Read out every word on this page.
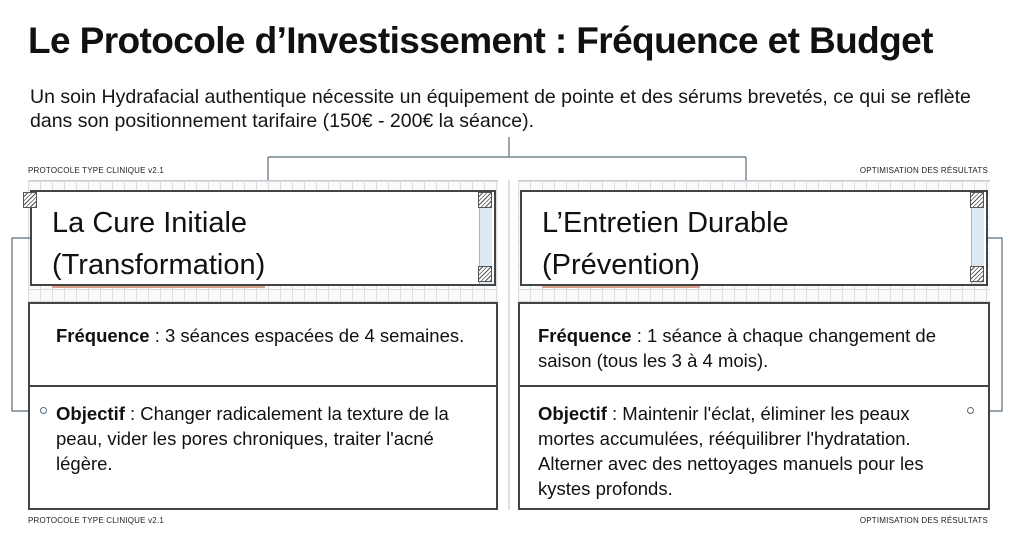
Le Protocole d’Investissement : Fréquence et Budget
Un soin Hydrafacial authentique nécessite un équipement de pointe et des sérums brevetés, ce qui se reflète dans son positionnement tarifaire (150€ - 200€ la séance).
PROTOCOLE TYPE CLINIQUE v2.1	OPTIMISATION DES RÉSULTATS
PROTOCOLE TYPE CLINIQUE v2.1	OPTIMISATION DES RÉSULTATS
La Cure Initiale
(Transformation)
Fréquence : 3 séances espacées de 4 semaines.
Objectif : Changer radicalement la texture de la peau, vider les pores chroniques, traiter l'acné légère.
L’Entretien Durable
(Prévention)
Fréquence : 1 séance à chaque changement de saison (tous les 3 à 4 mois).
Objectif : Maintenir l'éclat, éliminer les peaux mortes accumulées, rééquilibrer l'hydratation. Alterner avec des nettoyages manuels pour les kystes profonds.
